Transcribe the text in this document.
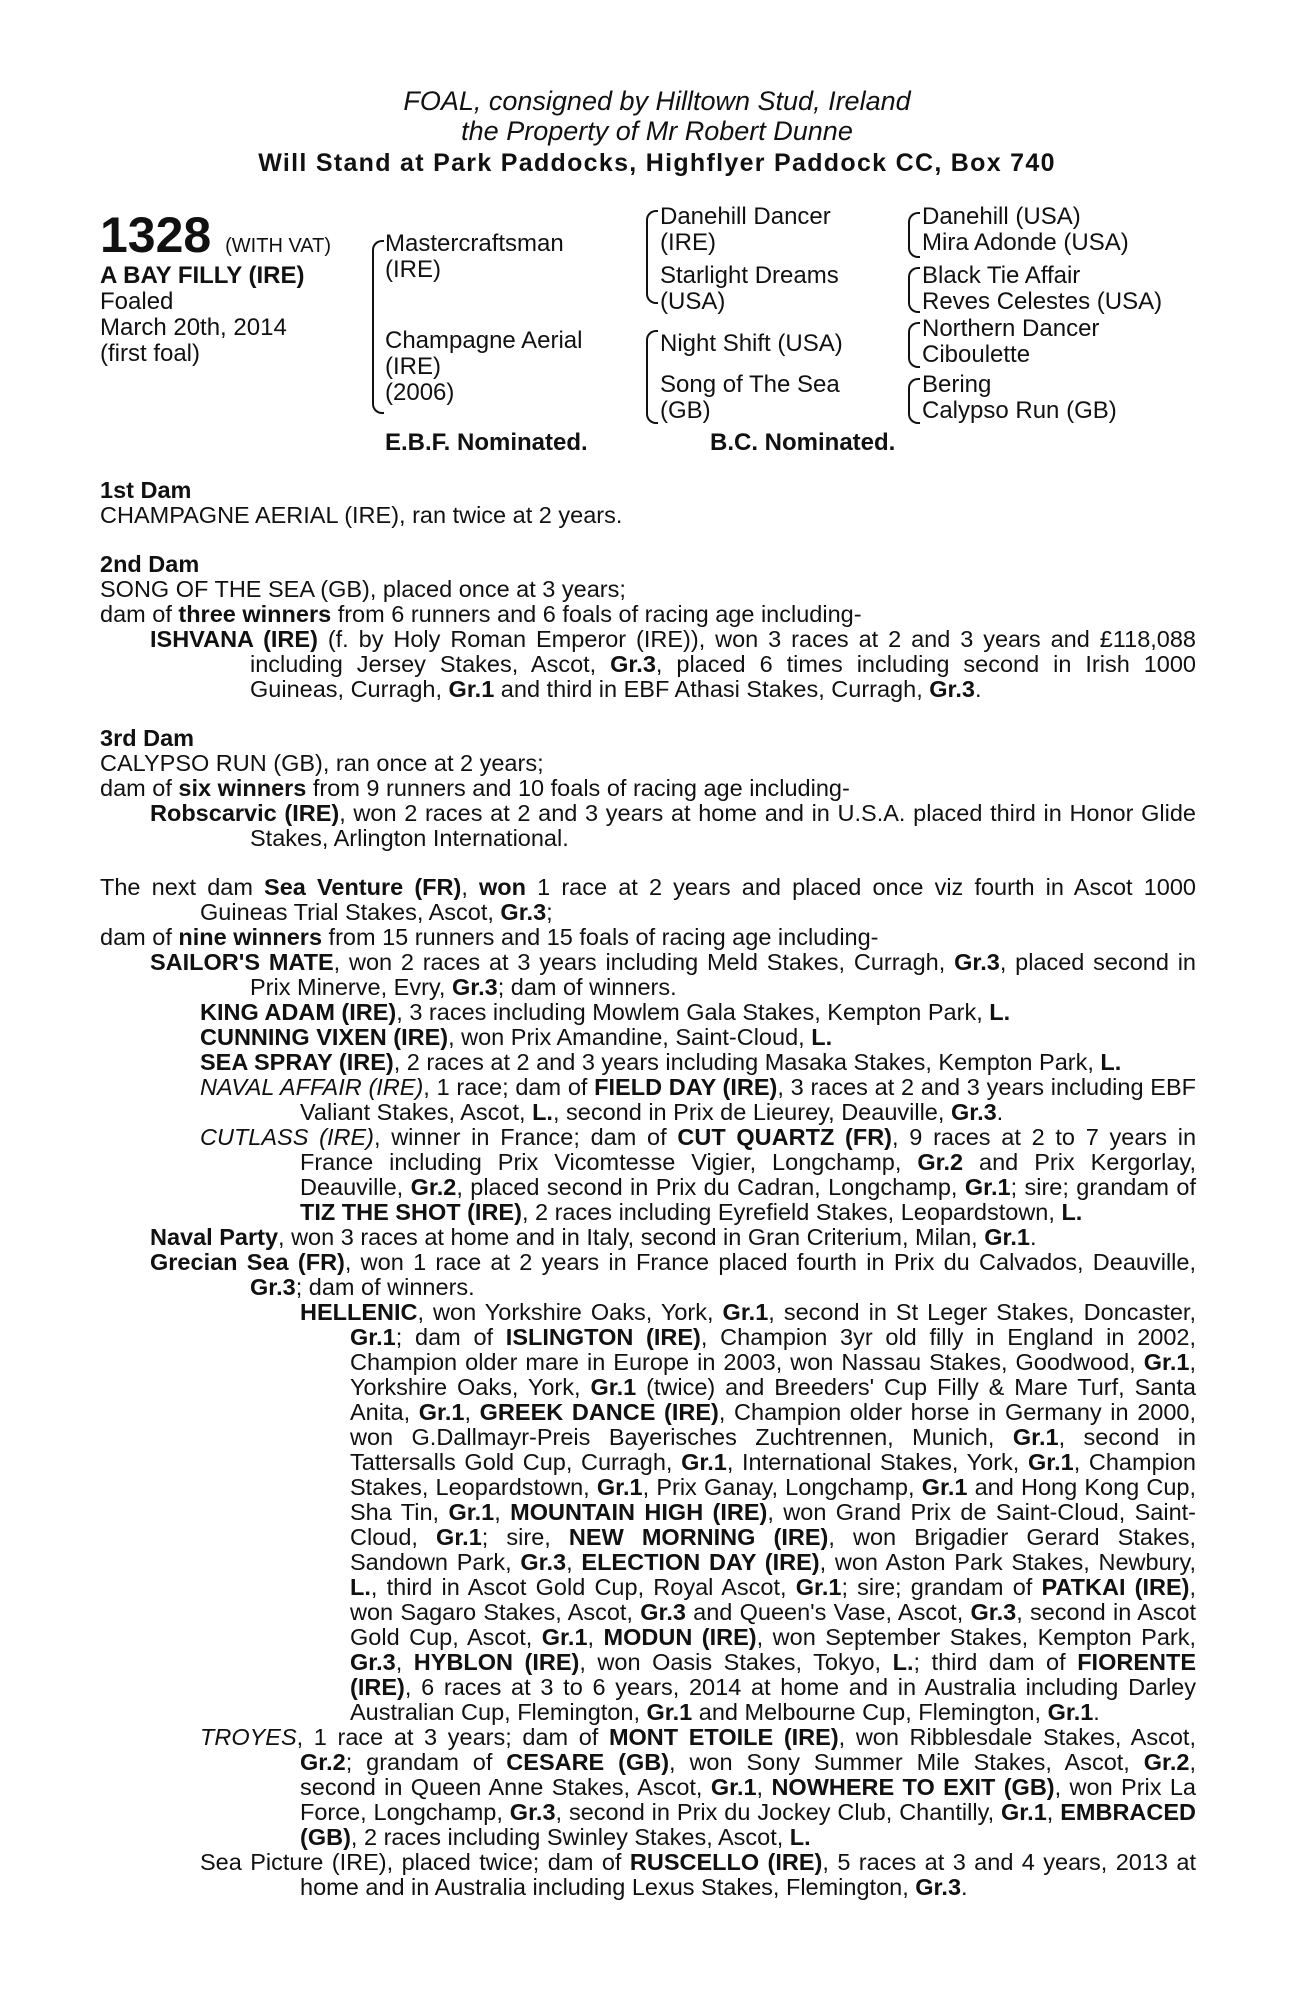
FOAL, consigned by Hilltown Stud, Ireland
the Property of Mr Robert Dunne
Will Stand at Park Paddocks, Highflyer Paddock CC, Box 740
1328 (WITH VAT)
A BAY FILLY (IRE)
Foaled
March 20th, 2014
(first foal)
Mastercraftsman
(IRE)
Champagne Aerial
(IRE)
(2006)
Danehill Dancer
(IRE)
Starlight Dreams
(USA)
Night Shift (USA)
Song of The Sea
(GB)
Danehill (USA)
Mira Adonde (USA)
Black Tie Affair
Reves Celestes (USA)
Northern Dancer
Ciboulette
Bering
Calypso Run (GB)
E.B.F. Nominated.	B.C. Nominated.

1st Dam

CHAMPAGNE AERIAL (IRE), ran twice at 2 years.

2nd Dam

SONG OF THE SEA (GB), placed once at 3 years;

dam of three winners from 6 runners and 6 foals of racing age including-

ISHVANA (IRE) (f. by Holy Roman Emperor (IRE)), won 3 races at 2 and 3 years and £118,088 including Jersey Stakes, Ascot, Gr.3, placed 6 times including second in Irish 1000 Guineas, Curragh, Gr.1 and third in EBF Athasi Stakes, Curragh, Gr.3.

3rd Dam

CALYPSO RUN (GB), ran once at 2 years;

dam of six winners from 9 runners and 10 foals of racing age including-

Robscarvic (IRE), won 2 races at 2 and 3 years at home and in U.S.A. placed third in Honor Glide Stakes, Arlington International.

The next dam Sea Venture (FR), won 1 race at 2 years and placed once viz fourth in Ascot 1000 Guineas Trial Stakes, Ascot, Gr.3;

dam of nine winners from 15 runners and 15 foals of racing age including-

SAILOR'S MATE, won 2 races at 3 years including Meld Stakes, Curragh, Gr.3, placed second in Prix Minerve, Evry, Gr.3; dam of winners.

KING ADAM (IRE), 3 races including Mowlem Gala Stakes, Kempton Park, L.

CUNNING VIXEN (IRE), won Prix Amandine, Saint-Cloud, L.

SEA SPRAY (IRE), 2 races at 2 and 3 years including Masaka Stakes, Kempton Park, L.

NAVAL AFFAIR (IRE), 1 race; dam of FIELD DAY (IRE), 3 races at 2 and 3 years including EBF Valiant Stakes, Ascot, L., second in Prix de Lieurey, Deauville, Gr.3.

CUTLASS (IRE), winner in France; dam of CUT QUARTZ (FR), 9 races at 2 to 7 years in France including Prix Vicomtesse Vigier, Longchamp, Gr.2 and Prix Kergorlay, Deauville, Gr.2, placed second in Prix du Cadran, Longchamp, Gr.1; sire; grandam of TIZ THE SHOT (IRE), 2 races including Eyrefield Stakes, Leopardstown, L.

Naval Party, won 3 races at home and in Italy, second in Gran Criterium, Milan, Gr.1.

Grecian Sea (FR), won 1 race at 2 years in France placed fourth in Prix du Calvados, Deauville, Gr.3; dam of winners.

HELLENIC, won Yorkshire Oaks, York, Gr.1, second in St Leger Stakes, Doncaster, Gr.1; dam of ISLINGTON (IRE), Champion 3yr old filly in England in 2002, Champion older mare in Europe in 2003, won Nassau Stakes, Goodwood, Gr.1, Yorkshire Oaks, York, Gr.1 (twice) and Breeders' Cup Filly & Mare Turf, Santa Anita, Gr.1, GREEK DANCE (IRE), Champion older horse in Germany in 2000, won G.Dallmayr-Preis Bayerisches Zuchtrennen, Munich, Gr.1, second in Tattersalls Gold Cup, Curragh, Gr.1, International Stakes, York, Gr.1, Champion Stakes, Leopardstown, Gr.1, Prix Ganay, Longchamp, Gr.1 and Hong Kong Cup, Sha Tin, Gr.1, MOUNTAIN HIGH (IRE), won Grand Prix de Saint-Cloud, Saint-Cloud, Gr.1; sire, NEW MORNING (IRE), won Brigadier Gerard Stakes, Sandown Park, Gr.3, ELECTION DAY (IRE), won Aston Park Stakes, Newbury, L., third in Ascot Gold Cup, Royal Ascot, Gr.1; sire; grandam of PATKAI (IRE), won Sagaro Stakes, Ascot, Gr.3 and Queen's Vase, Ascot, Gr.3, second in Ascot Gold Cup, Ascot, Gr.1, MODUN (IRE), won September Stakes, Kempton Park, Gr.3, HYBLON (IRE), won Oasis Stakes, Tokyo, L.; third dam of FIORENTE (IRE), 6 races at 3 to 6 years, 2014 at home and in Australia including Darley Australian Cup, Flemington, Gr.1 and Melbourne Cup, Flemington, Gr.1.

TROYES, 1 race at 3 years; dam of MONT ETOILE (IRE), won Ribblesdale Stakes, Ascot, Gr.2; grandam of CESARE (GB), won Sony Summer Mile Stakes, Ascot, Gr.2, second in Queen Anne Stakes, Ascot, Gr.1, NOWHERE TO EXIT (GB), won Prix La Force, Longchamp, Gr.3, second in Prix du Jockey Club, Chantilly, Gr.1, EMBRACED (GB), 2 races including Swinley Stakes, Ascot, L.

Sea Picture (IRE), placed twice; dam of RUSCELLO (IRE), 5 races at 3 and 4 years, 2013 at home and in Australia including Lexus Stakes, Flemington, Gr.3.
